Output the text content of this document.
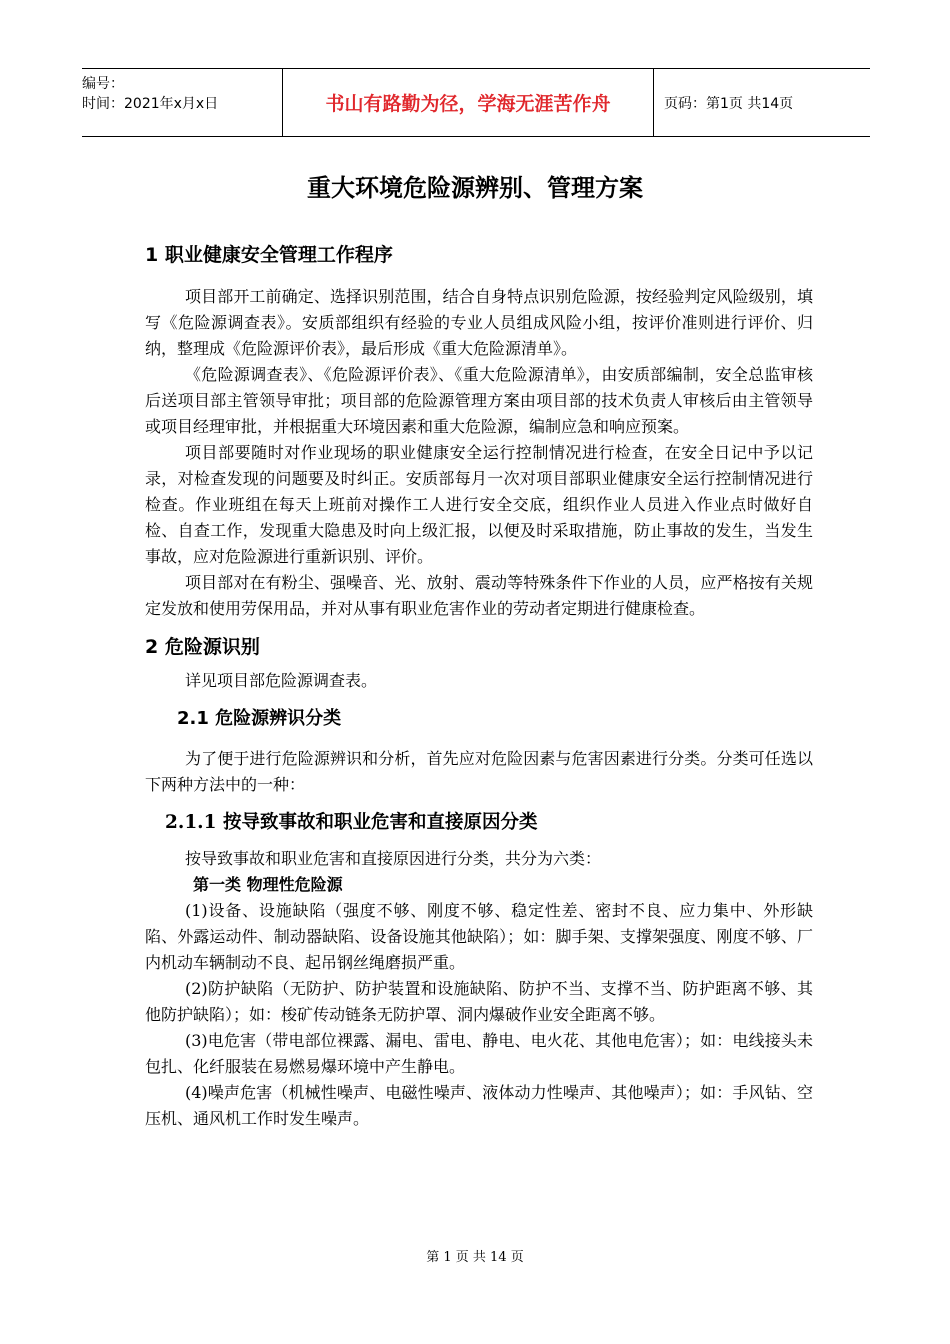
编号：
时间：2021年x月x日	书山有路勤为径，学海无涯苦作舟	页码：第1页 共14页
重大环境危险源辨别、管理方案
1 职业健康安全管理工作程序

项目部开工前确定、选择识别范围，结合自身特点识别危险源，按经验判定风险级别，填写《危险源调查表》。安质部组织有经验的专业人员组成风险小组，按评价准则进行评价、归纳，整理成《危险源评价表》，最后形成《重大危险源清单》。

《危险源调查表》、《危险源评价表》、《重大危险源清单》，由安质部编制，安全总监审核后送项目部主管领导审批；项目部的危险源管理方案由项目部的技术负责人审核后由主管领导或项目经理审批，并根据重大环境因素和重大危险源，编制应急和响应预案。

项目部要随时对作业现场的职业健康安全运行控制情况进行检查，在安全日记中予以记录，对检查发现的问题要及时纠正。安质部每月一次对项目部职业健康安全运行控制情况进行检查。作业班组在每天上班前对操作工人进行安全交底，组织作业人员进入作业点时做好自检、自查工作，发现重大隐患及时向上级汇报，以便及时采取措施，防止事故的发生，当发生事故，应对危险源进行重新识别、评价。

项目部对在有粉尘、强噪音、光、放射、震动等特殊条件下作业的人员，应严格按有关规定发放和使用劳保用品，并对从事有职业危害作业的劳动者定期进行健康检查。

2 危险源识别

详见项目部危险源调查表。

2.1 危险源辨识分类

为了便于进行危险源辨识和分析，首先应对危险因素与危害因素进行分类。分类可任选以下两种方法中的一种：

2.1.1 按导致事故和职业危害和直接原因分类

按导致事故和职业危害和直接原因进行分类，共分为六类：

第一类 物理性危险源

(1)设备、设施缺陷（强度不够、刚度不够、稳定性差、密封不良、应力集中、外形缺陷、外露运动件、制动器缺陷、设备设施其他缺陷）；如：脚手架、支撑架强度、刚度不够、厂内机动车辆制动不良、起吊钢丝绳磨损严重。

(2)防护缺陷（无防护、防护装置和设施缺陷、防护不当、支撑不当、防护距离不够、其他防护缺陷）；如：梭矿传动链条无防护罩、洞内爆破作业安全距离不够。

(3)电危害（带电部位裸露、漏电、雷电、静电、电火花、其他电危害）；如：电线接头未包扎、化纤服装在易燃易爆环境中产生静电。

(4)噪声危害（机械性噪声、电磁性噪声、液体动力性噪声、其他噪声）；如：手风钻、空压机、通风机工作时发生噪声。

第 1 页 共 14 页
